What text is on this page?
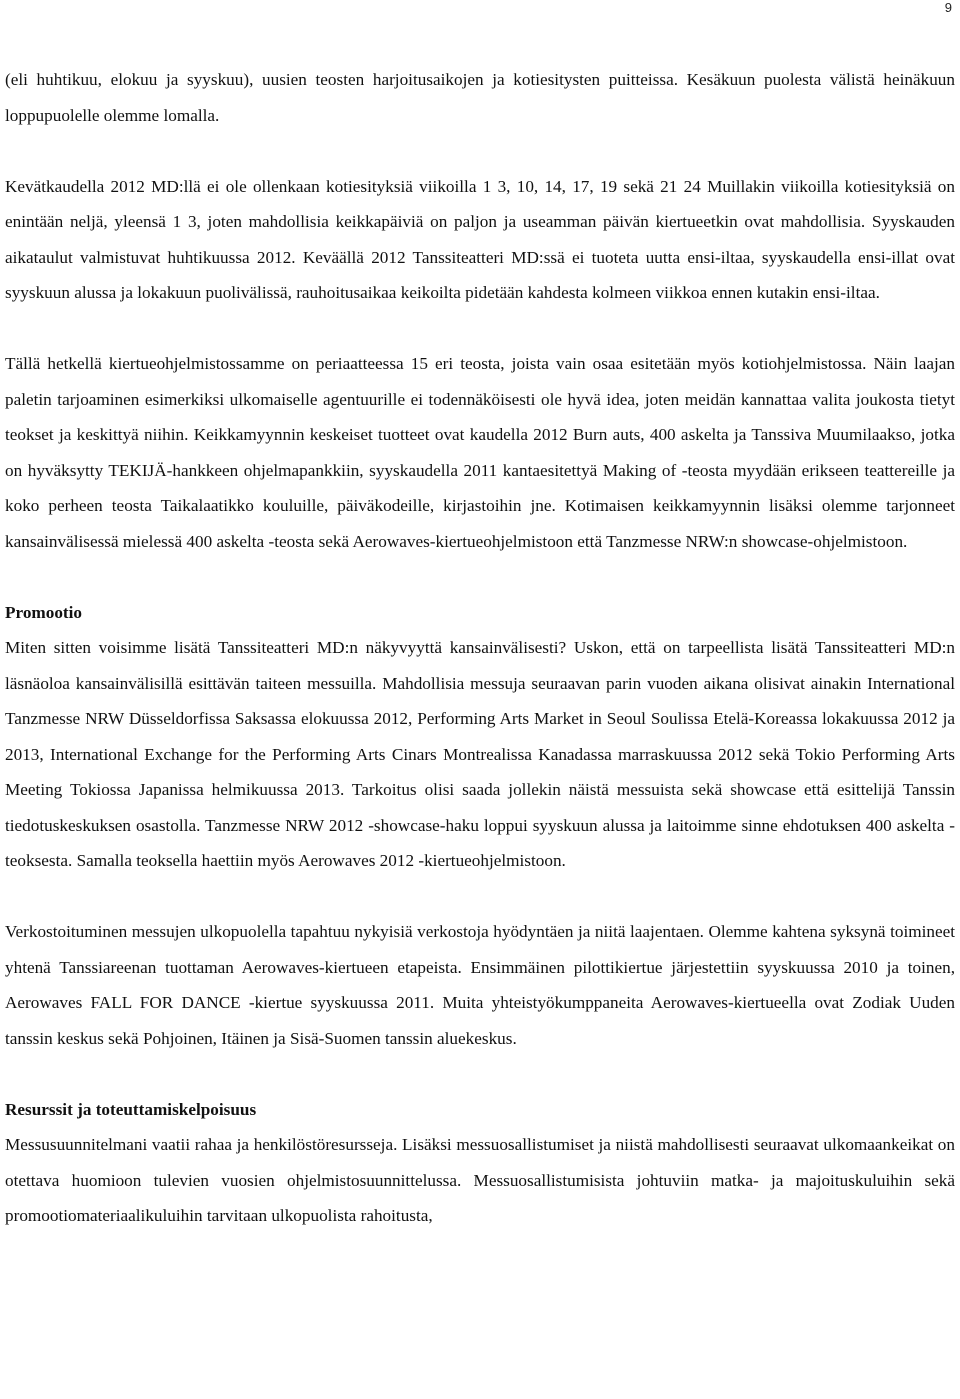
9

(eli huhtikuu, elokuu ja syyskuu), uusien teosten harjoitusaikojen ja kotiesitysten puitteissa. Kesäkuun puolesta välistä heinäkuun loppupuolelle olemme lomalla.

Kevätkaudella 2012 MD:llä ei ole ollenkaan kotiesityksiä viikoilla 1 3, 10, 14, 17, 19 sekä 21 24 Muillakin viikoilla kotiesityksiä on enintään neljä, yleensä 1 3, joten mahdollisia keikkapäiviä on paljon ja useamman päivän kiertueetkin ovat mahdollisia. Syyskauden aikataulut valmistuvat huhtikuussa 2012. Keväällä 2012 Tanssiteatteri MD:ssä ei tuoteta uutta ensi-iltaa, syyskaudella ensi-illat ovat syyskuun alussa ja lokakuun puolivälissä, rauhoitusaikaa keikoilta pidetään kahdesta kolmeen viikkoa ennen kutakin ensi-iltaa.

Tällä hetkellä kiertueohjelmistossamme on periaatteessa 15 eri teosta, joista vain osaa esitetään myös kotiohjelmistossa. Näin laajan paletin tarjoaminen esimerkiksi ulkomaiselle agentuurille ei todennäköisesti ole hyvä idea, joten meidän kannattaa valita joukosta tietyt teokset ja keskittyä niihin. Keikkamyynnin keskeiset tuotteet ovat kaudella 2012 Burn auts, 400 askelta ja Tanssiva Muumilaakso, jotka on hyväksytty TEKIJÄ-hankkeen ohjelmapankkiin, syyskaudella 2011 kantaesitettyä Making of -teosta myydään erikseen teattereille ja koko perheen teosta Taikalaatikko kouluille, päiväkodeille, kirjastoihin jne. Kotimaisen keikkamyynnin lisäksi olemme tarjonneet kansainvälisessä mielessä 400 askelta -teosta sekä Aerowaves-kiertueohjelmistoon että Tanzmesse NRW:n showcase-ohjelmistoon.

Promootio

Miten sitten voisimme lisätä Tanssiteatteri MD:n näkyvyyttä kansainvälisesti? Uskon, että on tarpeellista lisätä Tanssiteatteri MD:n läsnäoloa kansainvälisillä esittävän taiteen messuilla. Mahdollisia messuja seuraavan parin vuoden aikana olisivat ainakin International Tanzmesse NRW Düsseldorfissa Saksassa elokuussa 2012, Performing Arts Market in Seoul Soulissa Etelä-Koreassa lokakuussa 2012 ja 2013, International Exchange for the Performing Arts Cinars Montrealissa Kanadassa marraskuussa 2012 sekä Tokio Performing Arts Meeting Tokiossa Japanissa helmikuussa 2013. Tarkoitus olisi saada jollekin näistä messuista sekä showcase että esittelijä Tanssin tiedotuskeskuksen osastolla. Tanzmesse NRW 2012 -showcase-haku loppui syyskuun alussa ja laitoimme sinne ehdotuksen 400 askelta -teoksesta. Samalla teoksella haettiin myös Aerowaves 2012 -kiertueohjelmistoon.

Verkostoituminen messujen ulkopuolella tapahtuu nykyisiä verkostoja hyödyntäen ja niitä laajentaen. Olemme kahtena syksynä toimineet yhtenä Tanssiareenan tuottaman Aerowaves-kiertueen etapeista. Ensimmäinen pilottikiertue järjestettiin syyskuussa 2010 ja toinen, Aerowaves FALL FOR DANCE -kiertue syyskuussa 2011. Muita yhteistyökumppaneita Aerowaves-kiertueella ovat Zodiak Uuden tanssin keskus sekä Pohjoinen, Itäinen ja Sisä-Suomen tanssin aluekeskus.

Resurssit ja toteuttamiskelpoisuus

Messusuunnitelmani vaatii rahaa ja henkilöstöresursseja. Lisäksi messuosallistumiset ja niistä mahdollisesti seuraavat ulkomaankeikat on otettava huomioon tulevien vuosien ohjelmistosuunnittelussa. Messuosallistumisista johtuviin matka- ja majoituskuluihin sekä promootiomateriaalikuluihin tarvitaan ulkopuolista rahoitusta,
